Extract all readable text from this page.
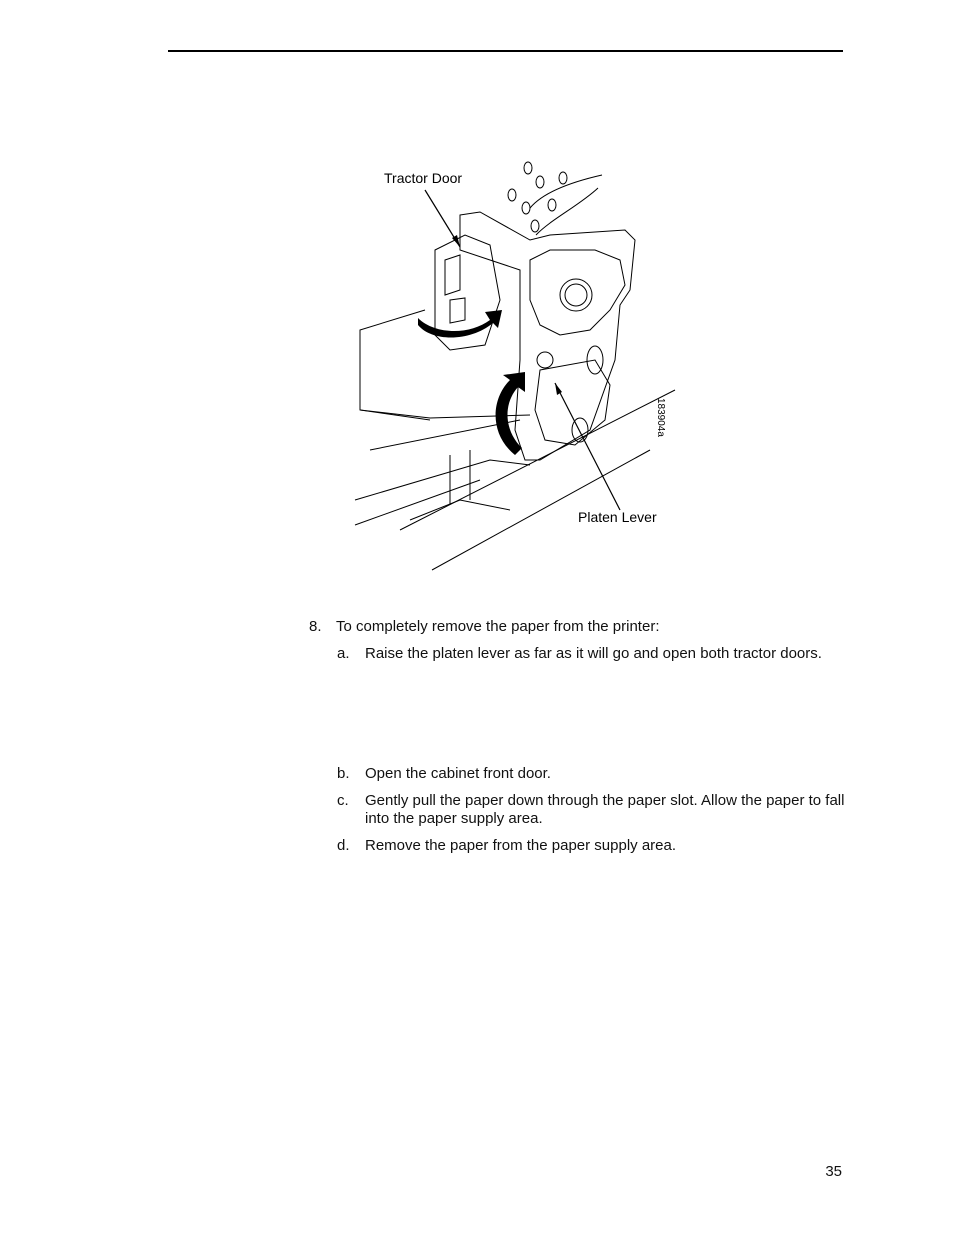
Tractor Door
Platen Lever
183904a
8. To completely remove the paper from the printer:
a. Raise the platen lever as far as it will go and open both tractor doors.
b. Open the cabinet front door.
c. Gently pull the paper down through the paper slot. Allow the paper to fall into the paper supply area.
d. Remove the paper from the paper supply area.
35
